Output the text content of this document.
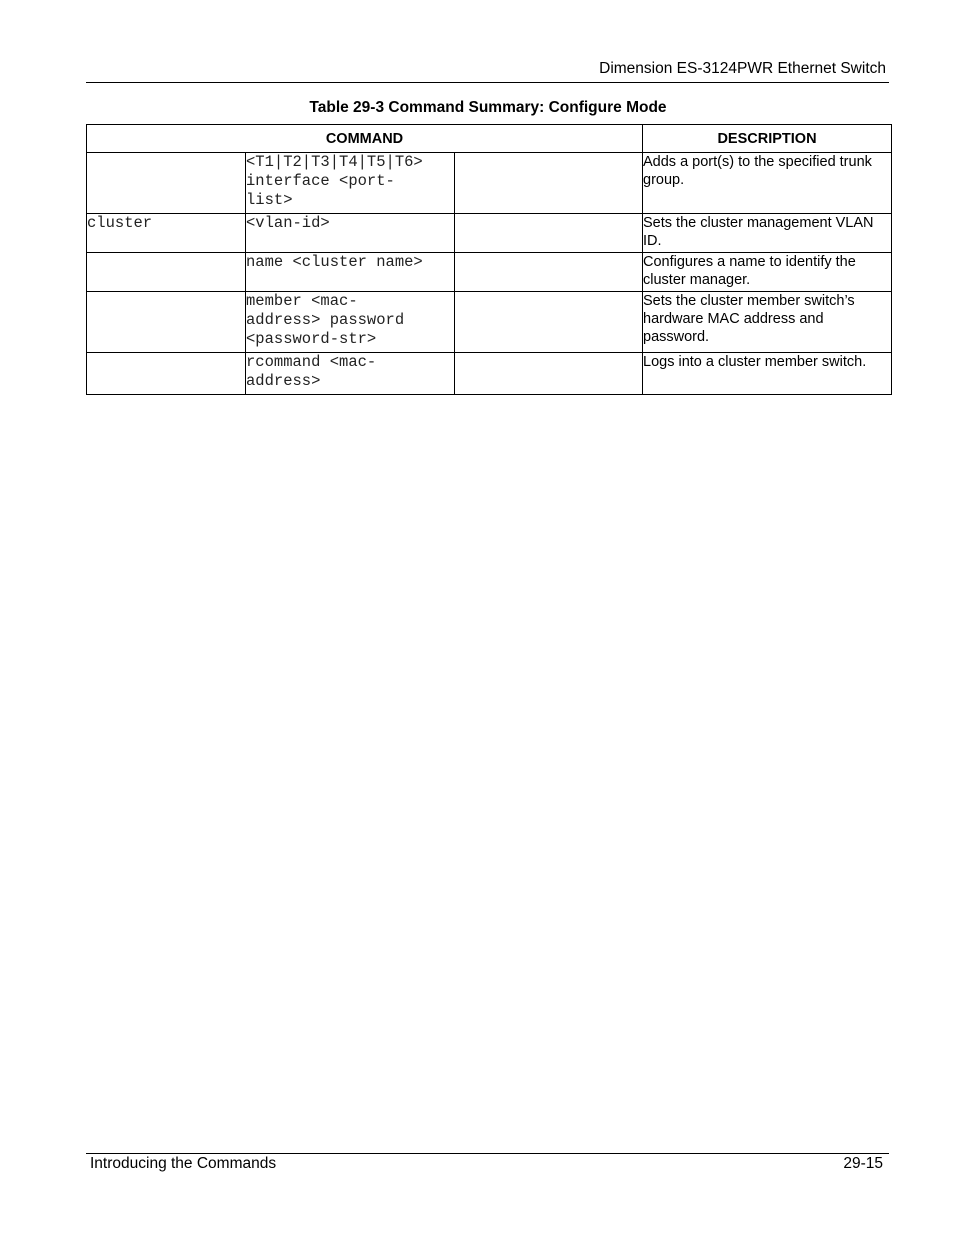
Dimension ES-3124PWR Ethernet Switch
Table 29-3 Command Summary: Configure Mode
COMMAND			DESCRIPTION
	<T1|T2|T3|T4|T5|T6>
interface <port-
list>		Adds a port(s) to the specified trunk group.
cluster	<vlan-id>		Sets the cluster management VLAN ID.
	name <cluster name>		Configures a name to identify the cluster manager.
	member <mac-
address> password
<password-str>		Sets the cluster member switch’s hardware MAC address and password.
	rcommand <mac-
address>		Logs into a cluster member switch.
Introducing the Commands	29-15
